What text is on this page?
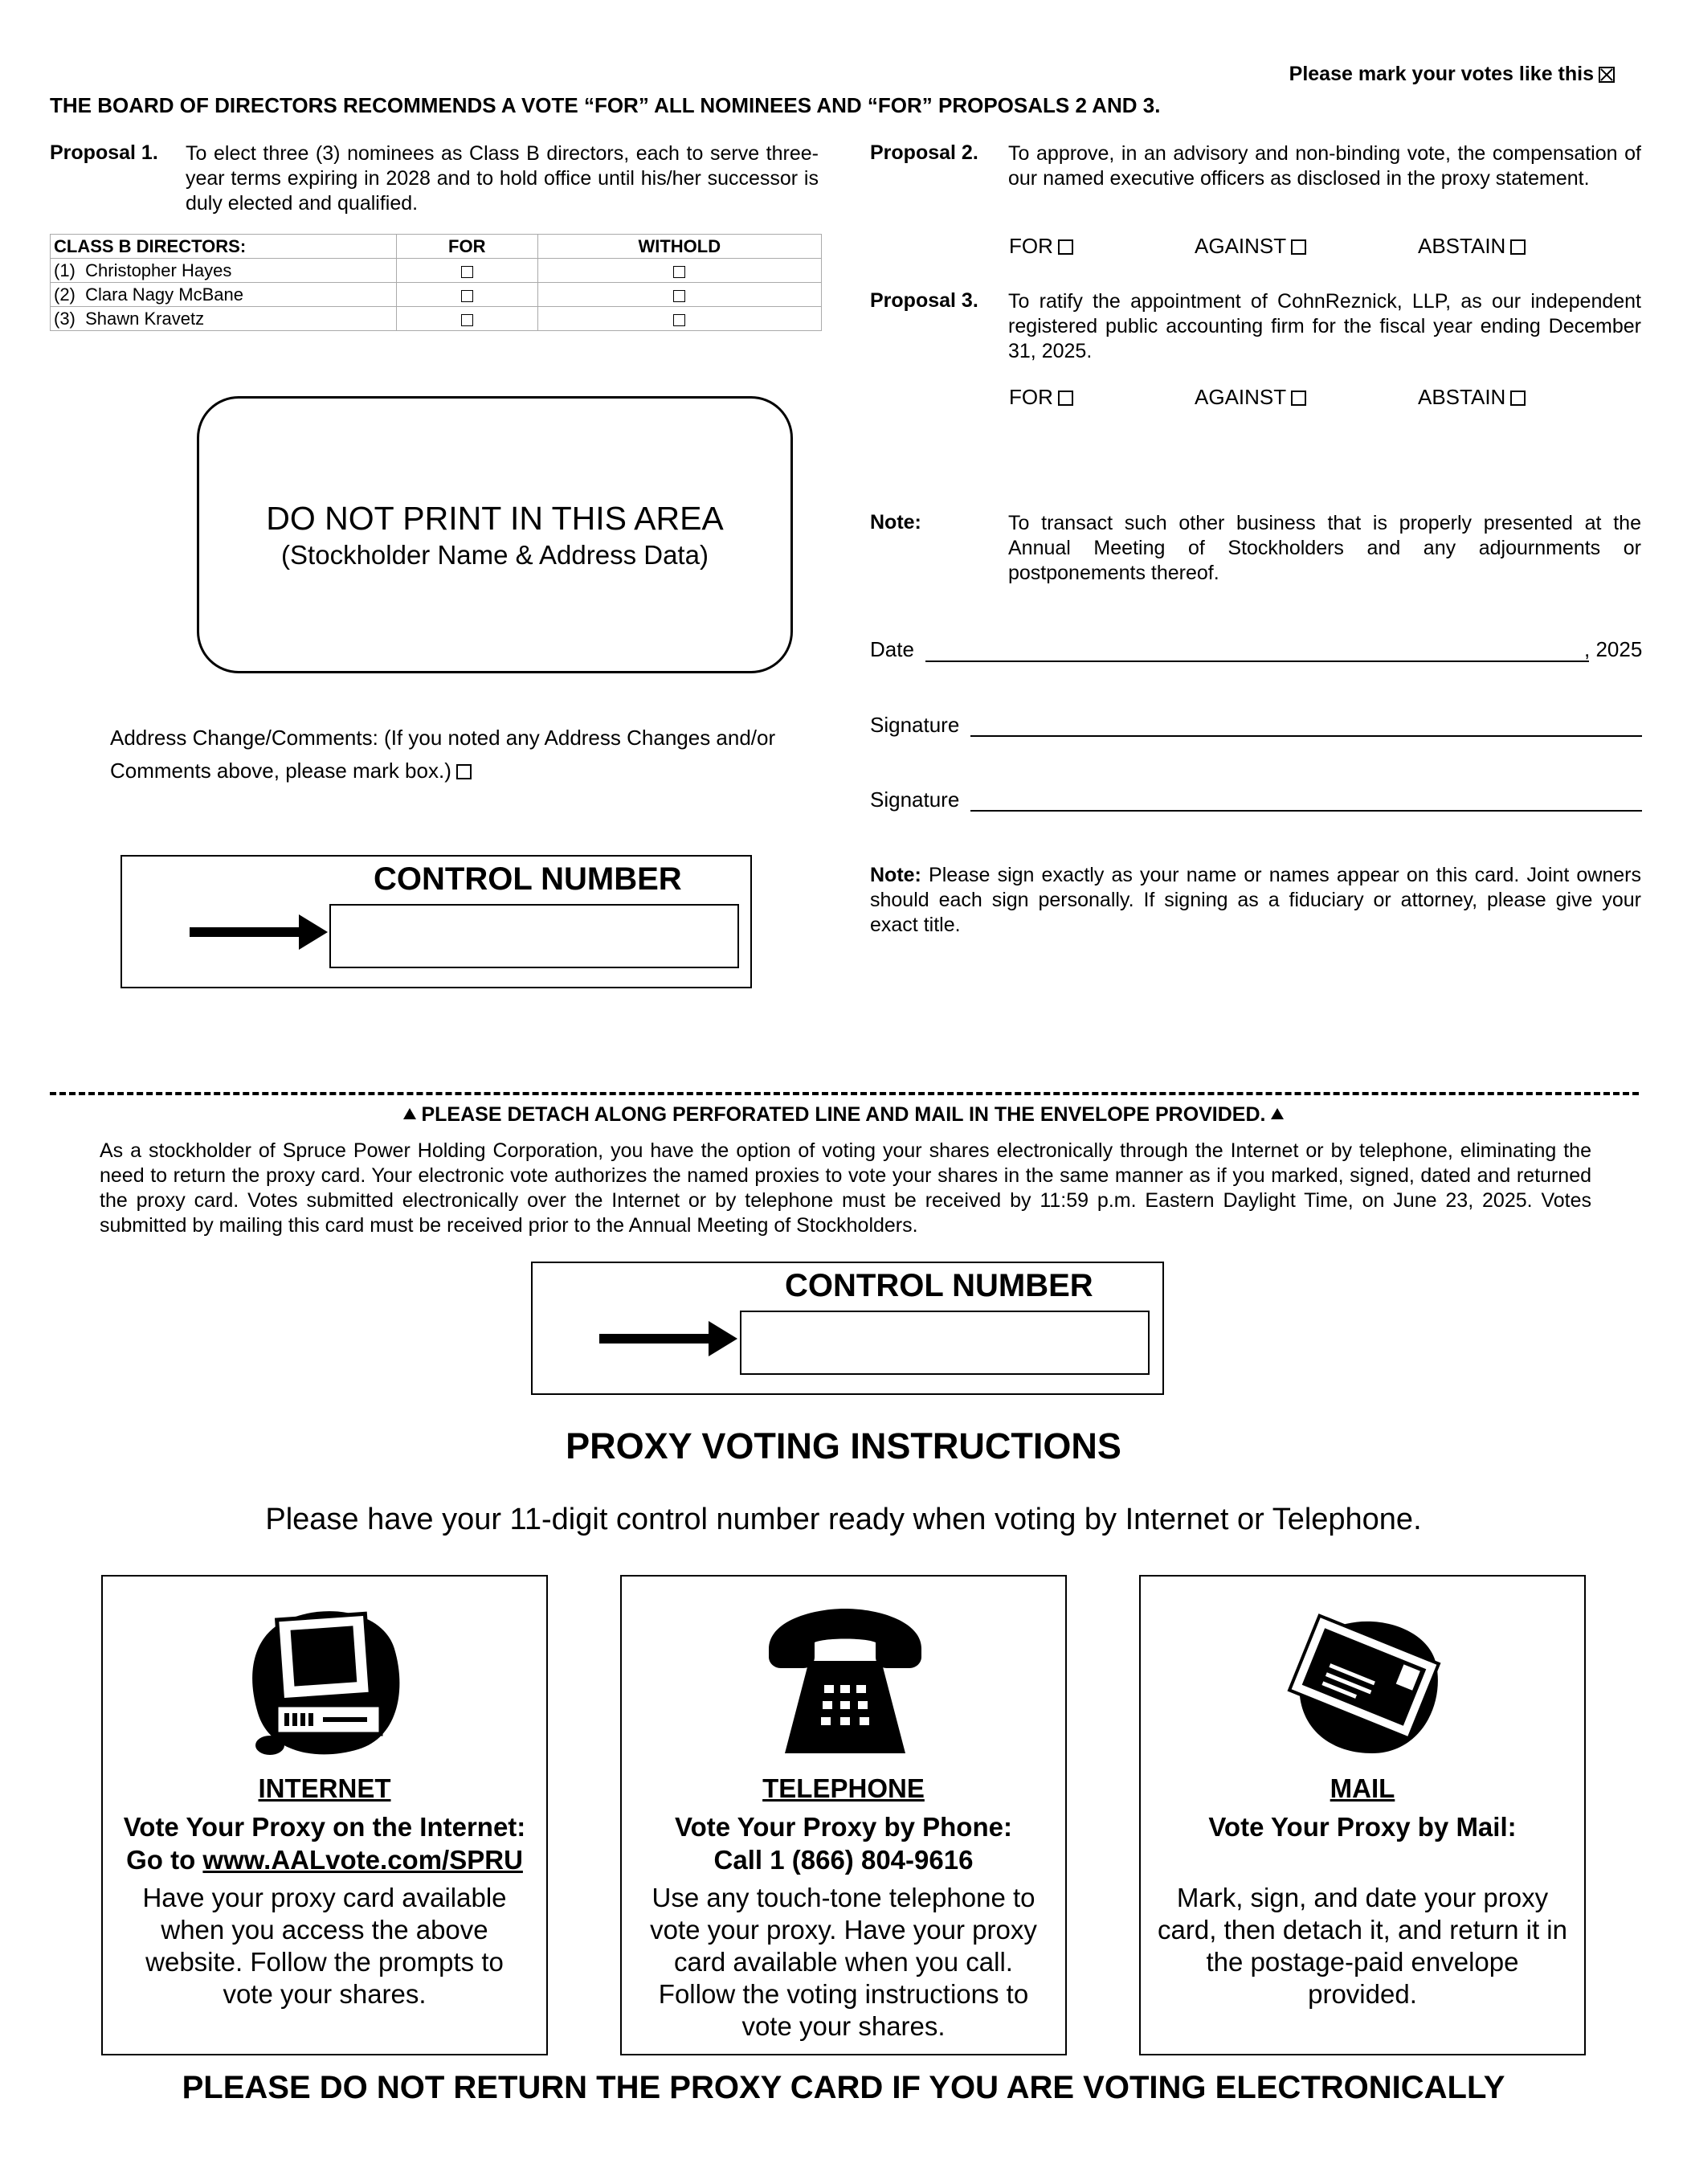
Please mark your votes like this
THE BOARD OF DIRECTORS RECOMMENDS A VOTE “FOR” ALL NOMINEES AND “FOR” PROPOSALS 2 AND 3.
Proposal 1. To elect three (3) nominees as Class B directors, each to serve three-year terms expiring in 2028 and to hold office until his/her successor is duly elected and qualified.
CLASS B DIRECTORS:	FOR	WITHOLD
(1) Christopher Hayes		
(2) Clara Nagy McBane		
(3) Shawn Kravetz		
DO NOT PRINT IN THIS AREA
(Stockholder Name & Address Data)
Address Change/Comments: (If you noted any Address Changes and/or Comments above, please mark box.)
CONTROL NUMBER
Proposal 2. To approve, in an advisory and non-binding vote, the compensation of our named executive officers as disclosed in the proxy statement.
FOR	AGAINST	ABSTAIN
Proposal 3. To ratify the appointment of CohnReznick, LLP, as our independent registered public accounting firm for the fiscal year ending December 31, 2025.
FOR	AGAINST	ABSTAIN
Note:	To transact such other business that is properly presented at the Annual Meeting of Stockholders and any adjournments or postponements thereof.
Date	, 2025
Signature
Signature
Note: Please sign exactly as your name or names appear on this card. Joint owners should each sign personally. If signing as a fiduciary or attorney, please give your exact title.
PLEASE DETACH ALONG PERFORATED LINE AND MAIL IN THE ENVELOPE PROVIDED.
As a stockholder of Spruce Power Holding Corporation, you have the option of voting your shares electronically through the Internet or by telephone, eliminating the need to return the proxy card. Your electronic vote authorizes the named proxies to vote your shares in the same manner as if you marked, signed, dated and returned the proxy card. Votes submitted electronically over the Internet or by telephone must be received by 11:59 p.m. Eastern Daylight Time, on June 23, 2025. Votes submitted by mailing this card must be received prior to the Annual Meeting of Stockholders.
CONTROL NUMBER
PROXY VOTING INSTRUCTIONS
Please have your 11-digit control number ready when voting by Internet or Telephone.
INTERNET
Vote Your Proxy on the Internet:
Go to www.AALvote.com/SPRU
Have your proxy card available when you access the above website. Follow the prompts to vote your shares.
TELEPHONE
Vote Your Proxy by Phone:
Call 1 (866) 804-9616
Use any touch-tone telephone to vote your proxy. Have your proxy card available when you call. Follow the voting instructions to vote your shares.
MAIL
Vote Your Proxy by Mail:
Mark, sign, and date your proxy card, then detach it, and return it in the postage-paid envelope provided.
PLEASE DO NOT RETURN THE PROXY CARD IF YOU ARE VOTING ELECTRONICALLY
